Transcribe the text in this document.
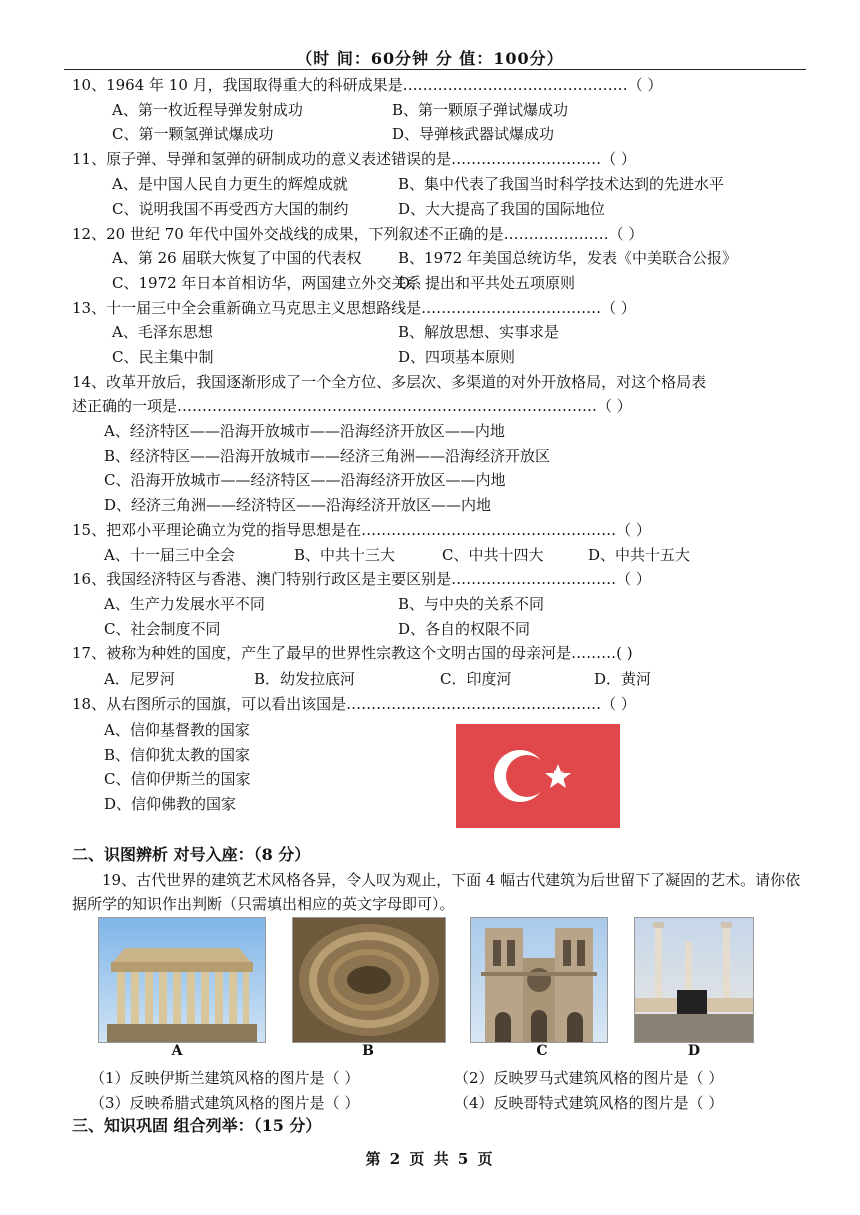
（时 间：60分钟 分 值：100分）
10、1964 年 10 月，我国取得重大的科研成果是………………………………………（ ）
A、第一枚近程导弹发射成功	B、第一颗原子弹试爆成功
C、第一颗氢弹试爆成功	D、导弹核武器试爆成功
11、原子弹、导弹和氢弹的研制成功的意义表述错误的是…………………………（ ）
A、是中国人民自力更生的辉煌成就	B、集中代表了我国当时科学技术达到的先进水平
C、说明我国不再受西方大国的制约	D、大大提高了我国的国际地位
12、20 世纪 70 年代中国外交战线的成果，下列叙述不正确的是…………………（ ）
A、第 26 届联大恢复了中国的代表权 B、1972 年美国总统访华，发表《中美联合公报》
C、1972 年日本首相访华，两国建立外交关系
D、提出和平共处五项原则
13、十一届三中全会重新确立马克思主义思想路线是………………………………（ ）
A、毛泽东思想	B、解放思想、实事求是
C、民主集中制	D、四项基本原则
14、改革开放后，我国逐渐形成了一个全方位、多层次、多渠道的对外开放格局，对这个格局表
述正确的一项是…………………………………………………………………………（ ）
A、经济特区——沿海开放城市——沿海经济开放区——内地
B、经济特区——沿海开放城市——经济三角洲——沿海经济开放区
C、沿海开放城市——经济特区——沿海经济开放区——内地
D、经济三角洲——经济特区——沿海经济开放区——内地
15、把邓小平理论确立为党的指导思想是在……………………………………………（ ）
A、十一届三中全会	B、中共十三大	C、中共十四大	D、中共十五大
16、我国经济特区与香港、澳门特别行政区是主要区别是……………………………（ ）
A、生产力发展水平不同	B、与中央的关系不同
C、社会制度不同	D、各自的权限不同
17、被称为种姓的国度，产生了最早的世界性宗教这个文明古国的母亲河是………( )
A．尼罗河	B．幼发拉底河	C．印度河	D．黄河
18、从右图所示的国旗，可以看出该国是……………………………………………（ ）
A、信仰基督教的国家
B、信仰犹太教的国家
C、信仰伊斯兰的国家
D、信仰佛教的国家
二、识图辨析 对号入座：（8 分）
19、古代世界的建筑艺术风格各异，令人叹为观止，下面 4 幅古代建筑为后世留下了凝固的艺术。请你依据所学的知识作出判断（只需填出相应的英文字母即可）。
A	B	C	D
（1）反映伊斯兰建筑风格的图片是（ ）	（2）反映罗马式建筑风格的图片是（ ）
（3）反映希腊式建筑风格的图片是（ ）	（4）反映哥特式建筑风格的图片是（ ）
三、知识巩固 组合列举：（15 分）
第 2 页 共 5 页
